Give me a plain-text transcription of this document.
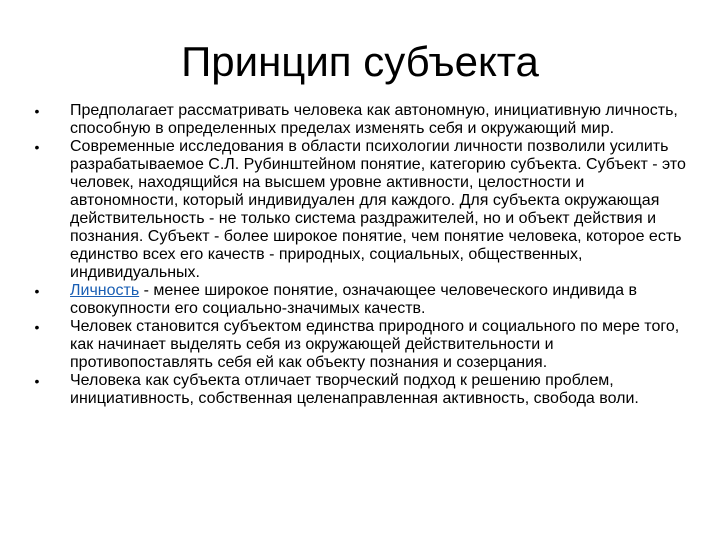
Принцип субъекта
• Предполагает рассматривать человека как автономную, инициативную личность, способную в определенных пределах изменять себя и окружающий мир.
• Современные исследования в области психологии личности позволили усилить разрабатываемое С.Л. Рубинштейном понятие, категорию субъекта. Субъект - это человек, находящийся на высшем уровне активности, целостности и автономности, который индивидуален для каждого. Для субъекта окружающая действительность - не только система раздражителей, но и объект действия и познания. Субъект - более широкое понятие, чем понятие человека, которое есть единство всех его качеств - природных, социальных, общественных, индивидуальных.
• Личность - менее широкое понятие, означающее человеческого индивида в совокупности его социально-значимых качеств.
• Человек становится субъектом единства природного и социального по мере того, как начинает выделять себя из окружающей действительности и противопоставлять себя ей как объекту познания и созерцания.
• Человека как субъекта отличает творческий подход к решению проблем, инициативность, собственная целенаправленная активность, свобода воли.
